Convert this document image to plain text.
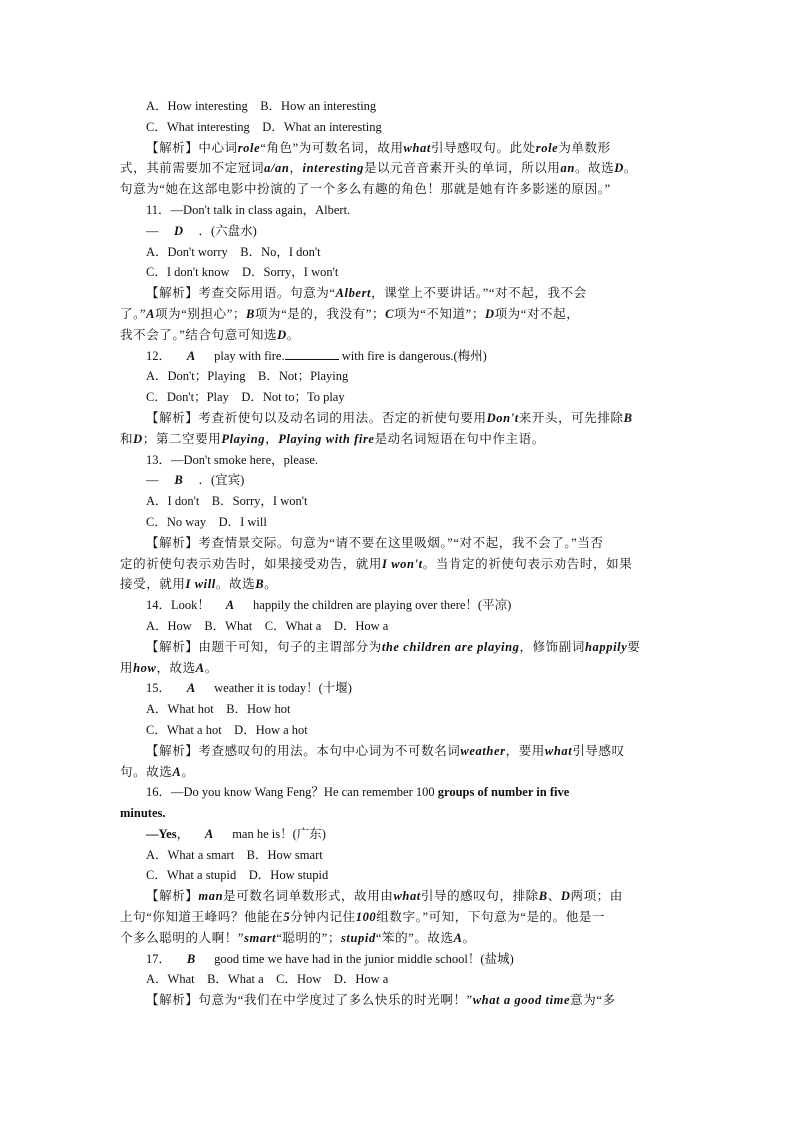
A．How interesting　B．How an interesting
C．What interesting　D．What an interesting
【解析】中心词role“角色”为可数名词，故用what引导感叹句。此处role为单数形
式，其前需要加不定冠词a/an，interesting是以元音音素开头的单词，所以用an。故选D。
句意为“她在这部电影中扮演的了一个多么有趣的角色！那就是她有许多影迷的原因。”
11．—Don't talk in class again，Albert.
— D ．(六盘水)
A．Don't worry　B．No，I don't
C．I don't know　D．Sorry，I won't
【解析】考查交际用语。句意为“Albert，课堂上不要讲话。”“对不起，我不会
了。”A项为“别担心”；B项为“是的，我没有”；C项为“不知道”；D项为“对不起，
我不会了。”结合句意可知选D。
12． A play with fire.	with fire is dangerous.(梅州)
A．Don't；Playing　B．Not；Playing
C．Don't；Play　D．Not to；To play
【解析】考查祈使句以及动名词的用法。否定的祈使句要用Don't来开头，可先排除B
和D；第二空要用Playing，Playing with fire是动名词短语在句中作主语。
13．—Don't smoke here，please.
— B ．(宜宾)
A．I don't　B．Sorry，I won't
C．No way　D．I will
【解析】考查情景交际。句意为“请不要在这里吸烟。”“对不起，我不会了。”当否
定的祈使句表示劝告时，如果接受劝告，就用I won't。当肯定的祈使句表示劝告时，如果
接受，就用I will。故选B。
14．Look！ A happily the children are playing over there！(平凉)
A．How　B．What　C．What a　D．How a
【解析】由题干可知，句子的主谓部分为the children are playing，修饰副词happily要
用how，故选A。
15． A weather it is today！(十堰)
A．What hot　B．How hot
C．What a hot　D．How a hot
【解析】考查感叹句的用法。本句中心词为不可数名词weather，要用what引导感叹
句。故选A。
16．—Do you know Wang Feng？He can remember 100 groups of number in five
minutes.
—Yes， A man he is！(广东)
A．What a smart　B．How smart
C．What a stupid　D．How stupid
【解析】man是可数名词单数形式，故用由what引导的感叹句，排除B、D两项；由
上句“你知道王峰吗？他能在5分钟内记住100组数字。”可知，下句意为“是的。他是一
个多么聪明的人啊！”smart“聪明的”；stupid“笨的”。故选A。
17． B good time we have had in the junior middle school！(盐城)
A．What　B．What a　C．How　D．How a
【解析】句意为“我们在中学度过了多么快乐的时光啊！”what a good time意为“多
